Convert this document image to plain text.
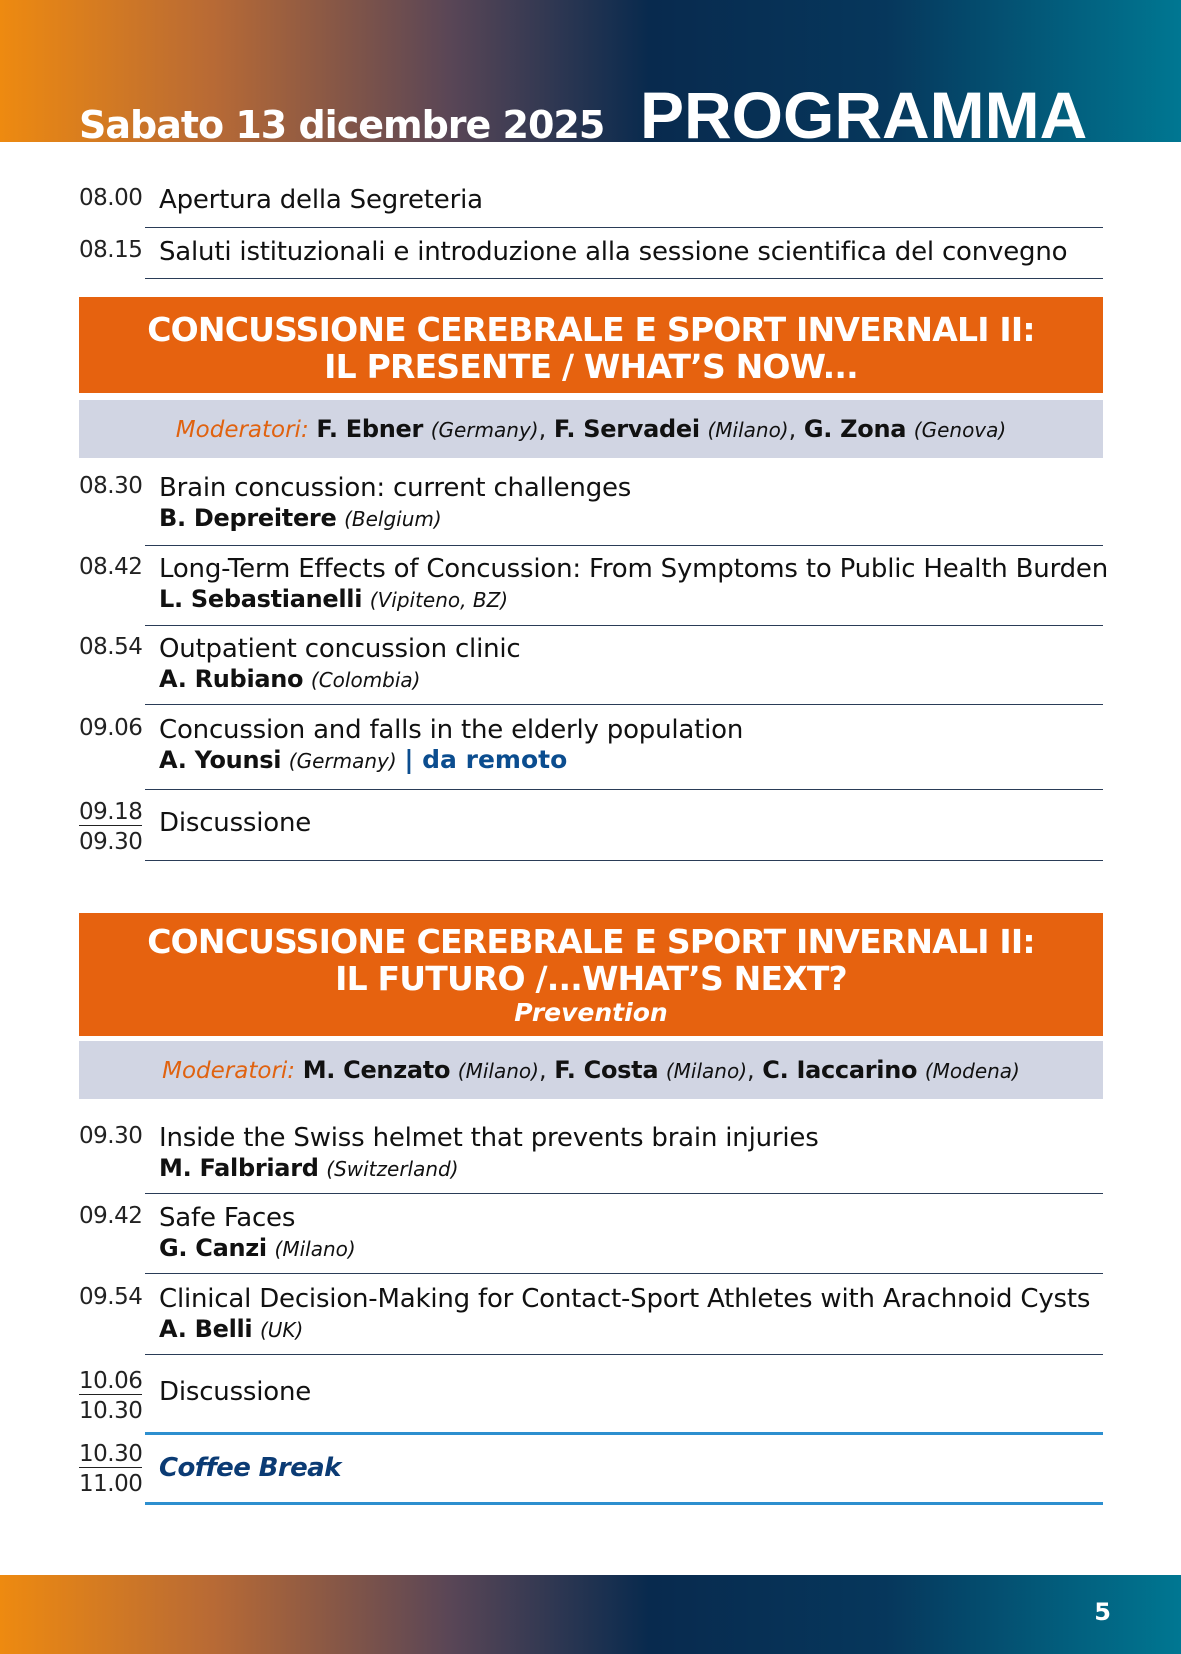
Sabato 13 dicembre 2025 PROGRAMMA
08.00 Apertura della Segreteria
08.15 Saluti istituzionali e introduzione alla sessione scientifica del convegno
CONCUSSIONE CEREBRALE E SPORT INVERNALI II:
IL PRESENTE / WHAT’S NOW...
Moderatori: F. Ebner (Germany), F. Servadei (Milano), G. Zona (Genova)
08.30 Brain concussion: current challenges
B. Depreitere (Belgium)
08.42 Long-Term Effects of Concussion: From Symptoms to Public Health Burden
L. Sebastianelli (Vipiteno, BZ)
08.54 Outpatient concussion clinic
A. Rubiano (Colombia)
09.06 Concussion and falls in the elderly population
A. Younsi (Germany) | da remoto
09.18
09.30
Discussione
CONCUSSIONE CEREBRALE E SPORT INVERNALI II:
IL FUTURO /...WHAT’S NEXT?
Prevention
Moderatori: M. Cenzato (Milano), F. Costa (Milano), C. Iaccarino (Modena)
09.30 Inside the Swiss helmet that prevents brain injuries
M. Falbriard (Switzerland)
09.42 Safe Faces
G. Canzi (Milano)
09.54 Clinical Decision-Making for Contact-Sport Athletes with Arachnoid Cysts
A. Belli (UK)
10.06
10.30
Discussione
10.30
11.00
Coffee Break
5
